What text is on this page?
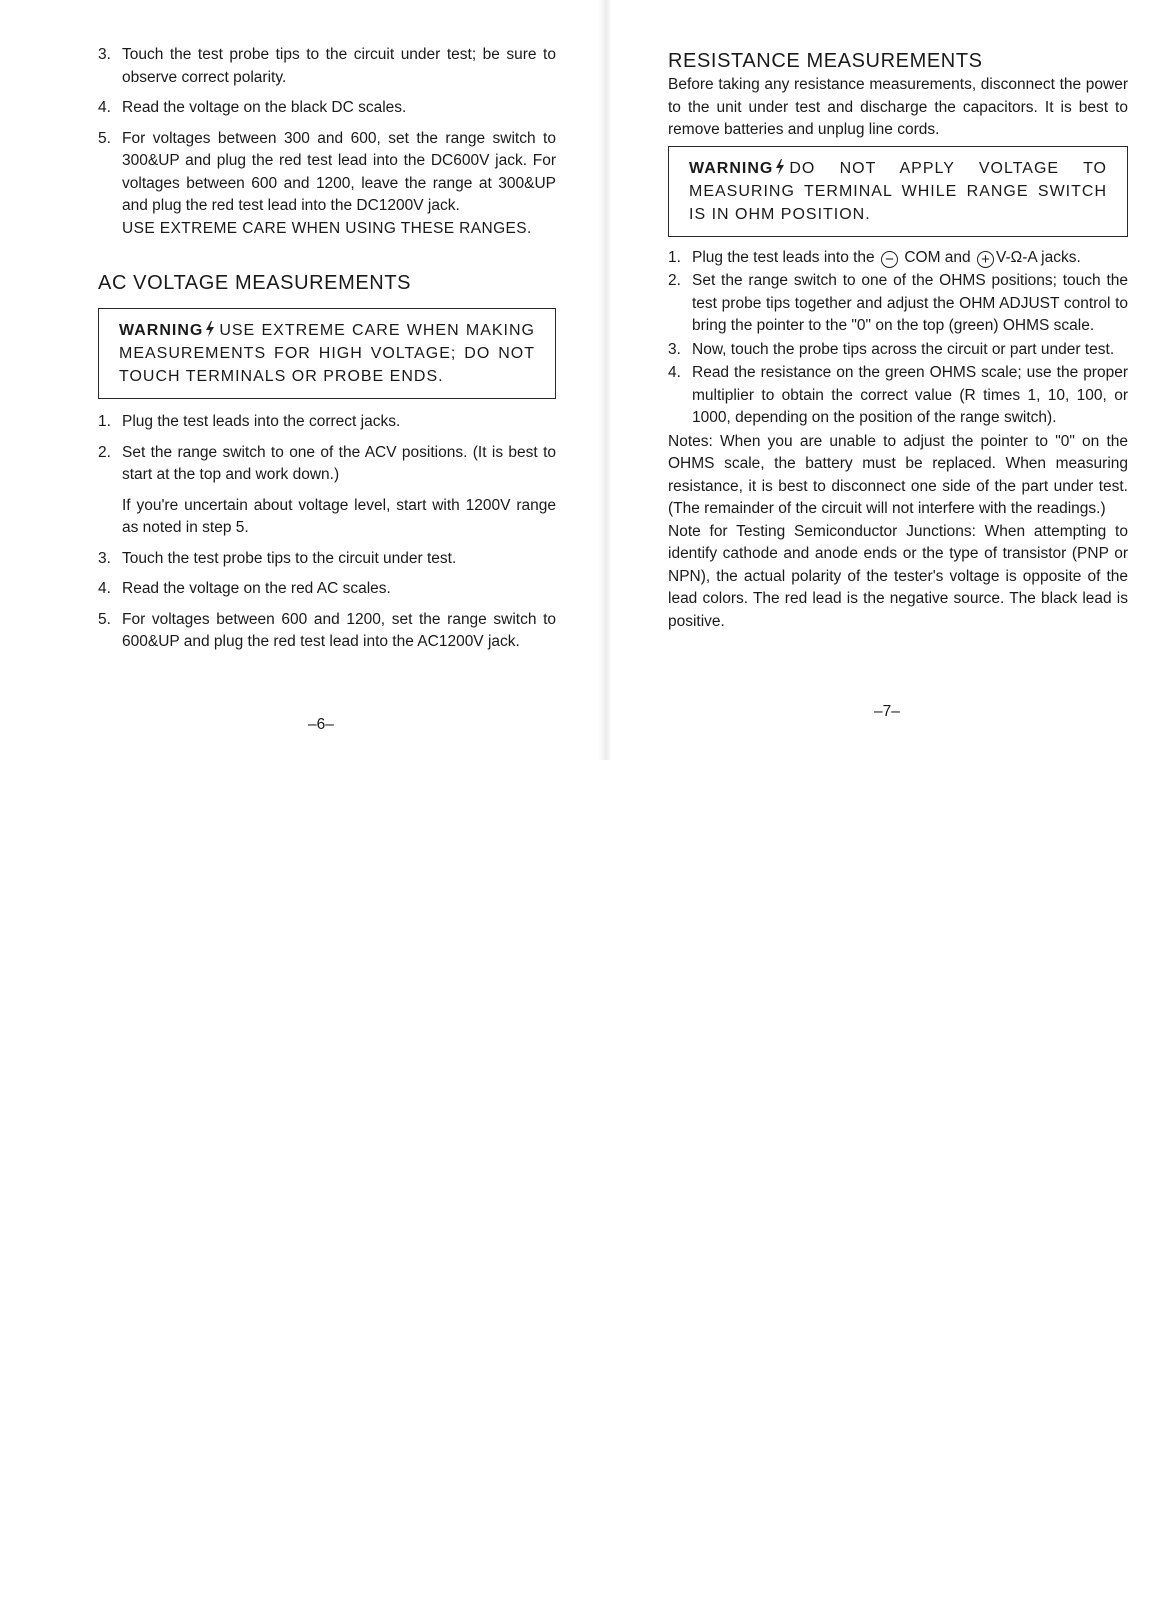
3. Touch the test probe tips to the circuit under test; be sure to observe correct polarity.
4. Read the voltage on the black DC scales.
5. For voltages between 300 and 600, set the range switch to 300&UP and plug the red test lead into the DC600V jack. For voltages between 600 and 1200, leave the range at 300&UP and plug the red test lead into the DC1200V jack.
USE EXTREME CARE WHEN USING THESE RANGES.
AC VOLTAGE MEASUREMENTS
WARNING USE EXTREME CARE WHEN MAKING MEASUREMENTS FOR HIGH VOLTAGE; DO NOT TOUCH TERMINALS OR PROBE ENDS.
1. Plug the test leads into the correct jacks.
2. Set the range switch to one of the ACV positions. (It is best to start at the top and work down.)
If you're uncertain about voltage level, start with 1200V range as noted in step 5.
3. Touch the test probe tips to the circuit under test.
4. Read the voltage on the red AC scales.
5. For voltages between 600 and 1200, set the range switch to 600&UP and plug the red test lead into the AC1200V jack.
–6–
RESISTANCE MEASUREMENTS

Before taking any resistance measurements, disconnect the power to the unit under test and discharge the capacitors. It is best to remove batteries and unplug line cords.

WARNING DO NOT APPLY VOLTAGE TO MEASURING TERMINAL WHILE RANGE SWITCH IS IN OHM POSITION.
1. Plug the test leads into the − COM and + V-Ω-A jacks.
2. Set the range switch to one of the OHMS positions; touch the test probe tips together and adjust the OHM ADJUST control to bring the pointer to the "0" on the top (green) OHMS scale.
3. Now, touch the probe tips across the circuit or part under test.
4. Read the resistance on the green OHMS scale; use the proper multiplier to obtain the correct value (R times 1, 10, 100, or 1000, depending on the position of the range switch).

Notes: When you are unable to adjust the pointer to "0" on the OHMS scale, the battery must be replaced. When measuring resistance, it is best to disconnect one side of the part under test. (The remainder of the circuit will not interfere with the readings.)

Note for Testing Semiconductor Junctions: When attempting to identify cathode and anode ends or the type of transistor (PNP or NPN), the actual polarity of the tester's voltage is opposite of the lead colors. The red lead is the negative source. The black lead is positive.

–7–
